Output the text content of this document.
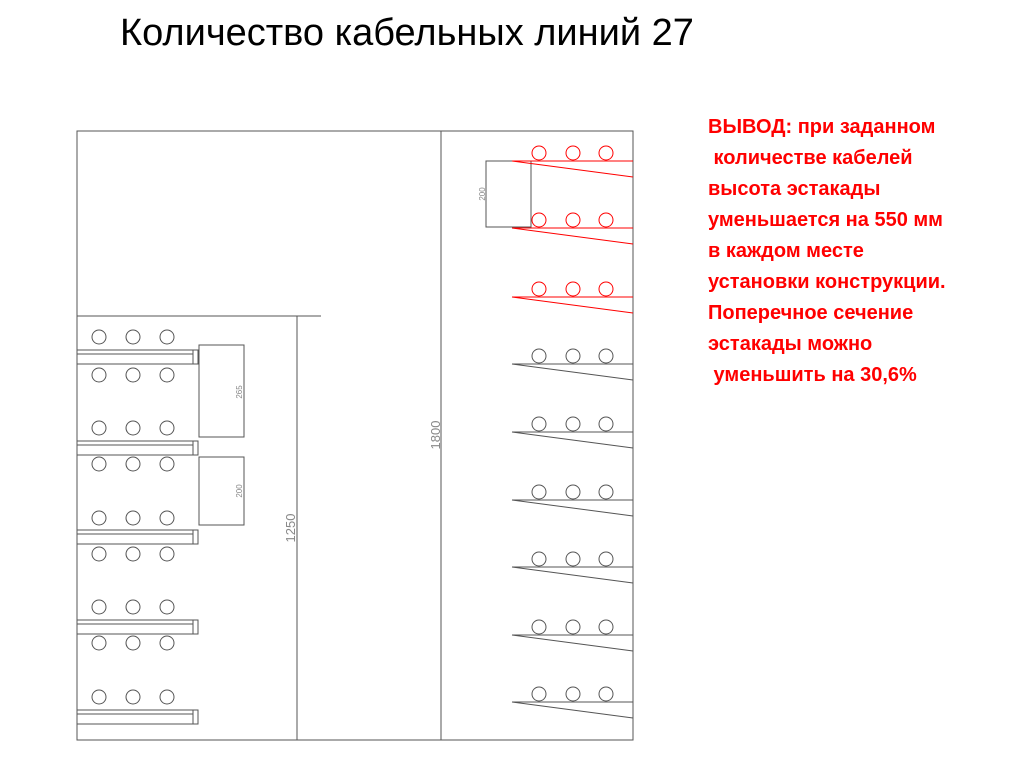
Количество кабельных линий 27
265
200
1250
1800
200
ВЫВОД: при заданном
количестве кабелей
высота эстакады
уменьшается на 550 мм
в каждом месте
установки конструкции.
Поперечное сечение
эстакады можно
уменьшить на 30,6%
